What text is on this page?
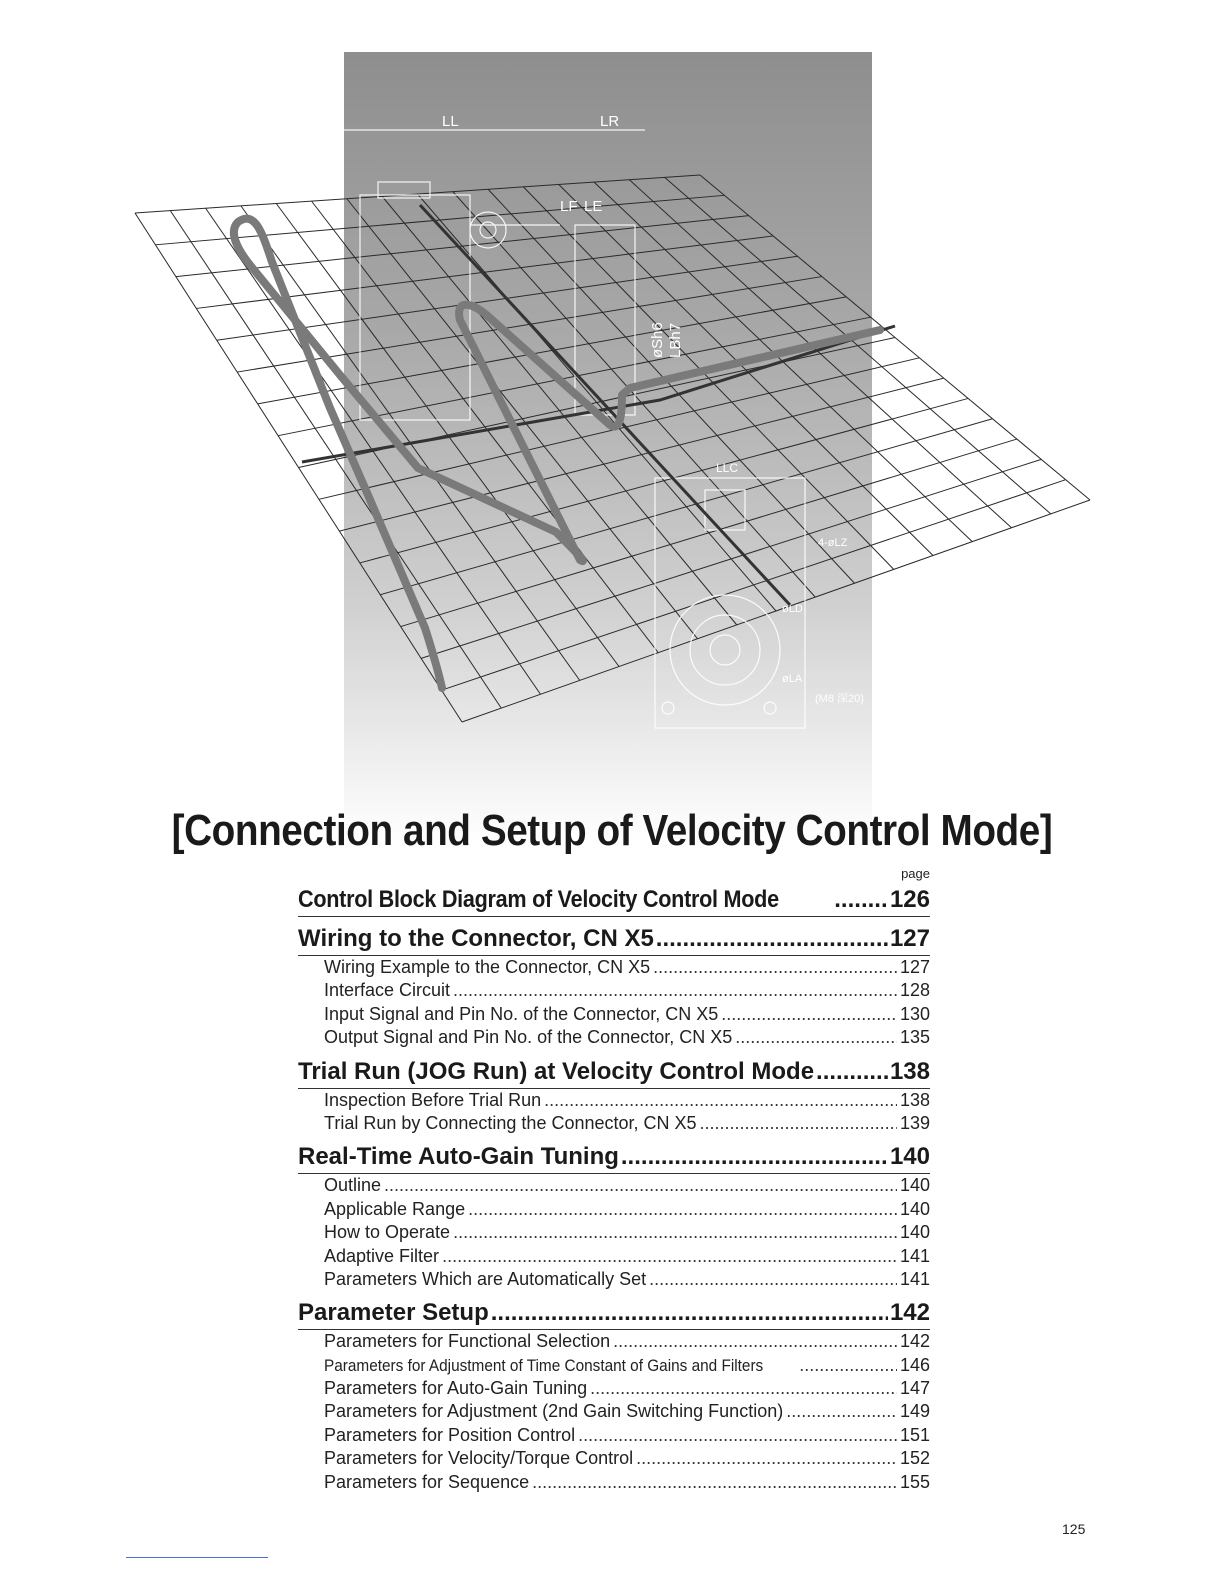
LL	LR
LF LE
øSh6 LBh7
LLC
4-øLZ
øLD
øLA
(M8 深20)
[Connection and Setup of Velocity Control Mode]
page
Control Block Diagram of Velocity Control Mode .....	126
Wiring to the Connector, CN X5 .....	127
Wiring Example to the Connector, CN X5 .....	127
Interface Circuit .....	128
Input Signal and Pin No. of the Connector, CN X5 .....	130
Output Signal and Pin No. of the Connector, CN X5 .....	135
Trial Run (JOG Run) at Velocity Control Mode .....	138
Inspection Before Trial Run .....	138
Trial Run by Connecting the Connector, CN X5 .....	139
Real-Time Auto-Gain Tuning .....	140
Outline .....	140
Applicable Range .....	140
How to Operate .....	140
Adaptive Filter .....	141
Parameters Which are Automatically Set .....	141
Parameter Setup .....	142
Parameters for Functional Selection .....	142
Parameters for Adjustment of Time Constant of Gains and Filters .....	146
Parameters for Auto-Gain Tuning .....	147
Parameters for Adjustment (2nd Gain Switching Function) .....	149
Parameters for Position Control .....	151
Parameters for Velocity/Torque Control .....	152
Parameters for Sequence .....	155
125
